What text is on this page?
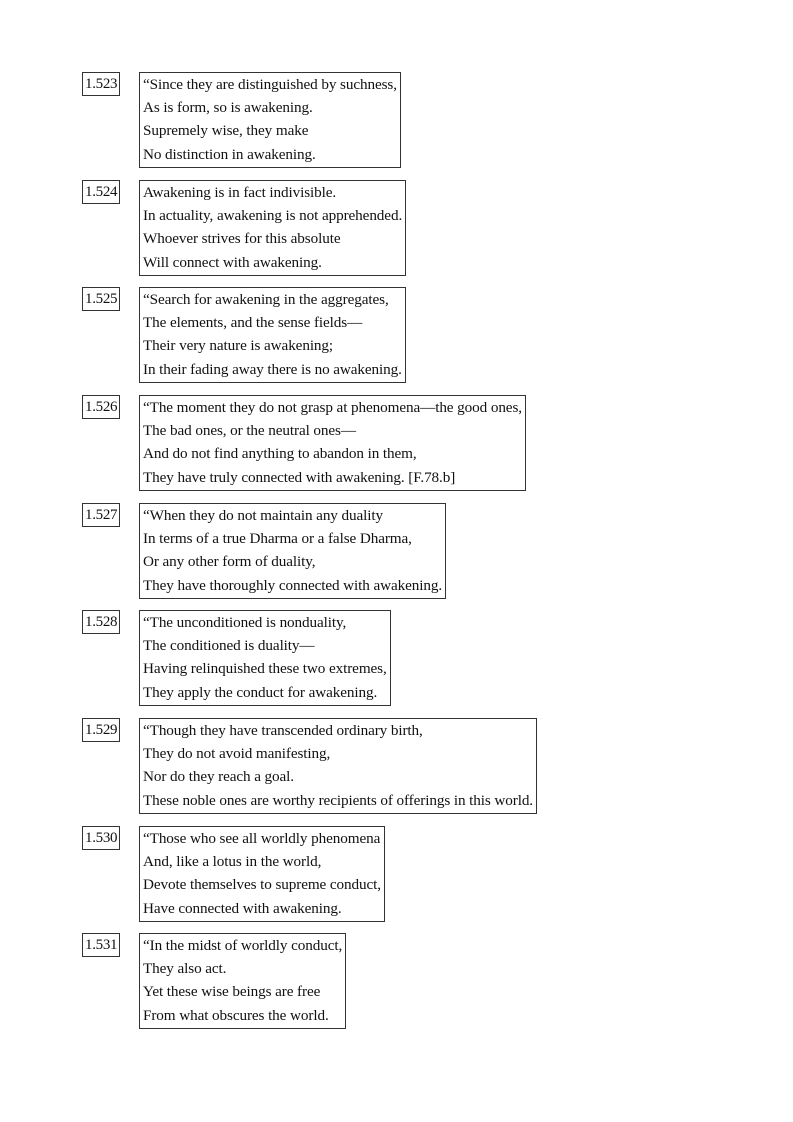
1.523 “Since they are distinguished by suchness,
As is form, so is awakening.
Supremely wise, they make
No distinction in awakening.
1.524 Awakening is in fact indivisible.
In actuality, awakening is not apprehended.
Whoever strives for this absolute
Will connect with awakening.
1.525 “Search for awakening in the aggregates,
The elements, and the sense fields—
Their very nature is awakening;
In their fading away there is no awakening.
1.526 “The moment they do not grasp at phenomena—the good ones,
The bad ones, or the neutral ones—
And do not find anything to abandon in them,
They have truly connected with awakening. [F.78.b]
1.527 “When they do not maintain any duality
In terms of a true Dharma or a false Dharma,
Or any other form of duality,
They have thoroughly connected with awakening.
1.528 “The unconditioned is nonduality,
The conditioned is duality—
Having relinquished these two extremes,
They apply the conduct for awakening.
1.529 “Though they have transcended ordinary birth,
They do not avoid manifesting,
Nor do they reach a goal.
These noble ones are worthy recipients of offerings in this world.
1.530 “Those who see all worldly phenomena
And, like a lotus in the world,
Devote themselves to supreme conduct,
Have connected with awakening.
1.531 “In the midst of worldly conduct,
They also act.
Yet these wise beings are free
From what obscures the world.
